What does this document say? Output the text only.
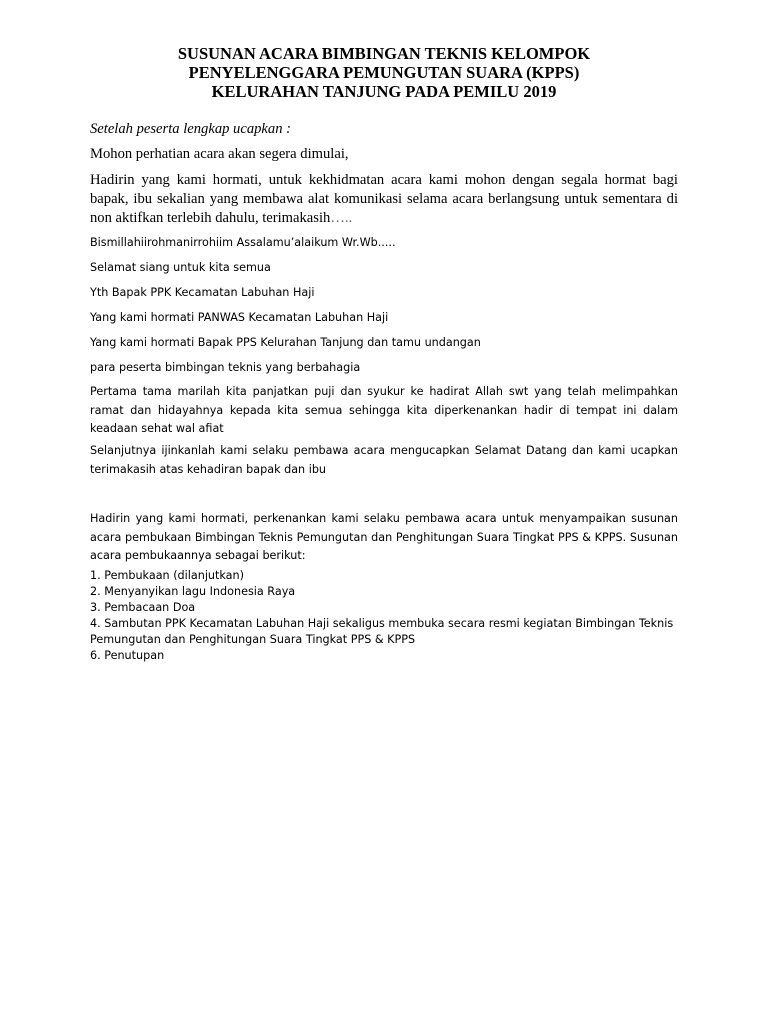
SUSUNAN ACARA BIMBINGAN TEKNIS KELOMPOK
PENYELENGGARA PEMUNGUTAN SUARA (KPPS)
KELURAHAN TANJUNG PADA PEMILU 2019
Setelah peserta lengkap ucapkan :
Mohon perhatian acara akan segera dimulai,
Hadirin yang kami hormati, untuk kekhidmatan acara kami mohon dengan segala hormat bagi bapak, ibu sekalian yang membawa alat komunikasi selama acara berlangsung untuk sementara di non aktifkan terlebih dahulu, terimakasih…..
Bismillahiirohmanirrohiim Assalamu’alaikum Wr.Wb.....
Selamat siang untuk kita semua
Yth Bapak PPK Kecamatan Labuhan Haji
Yang kami hormati PANWAS Kecamatan Labuhan Haji
Yang kami hormati Bapak PPS Kelurahan Tanjung dan tamu undangan
para peserta bimbingan teknis yang berbahagia
Pertama tama marilah kita panjatkan puji dan syukur ke hadirat Allah swt yang telah melimpahkan ramat dan hidayahnya kepada kita semua sehingga kita diperkenankan hadir di tempat ini dalam keadaan sehat wal afiat
Selanjutnya ijinkanlah kami selaku pembawa acara mengucapkan Selamat Datang dan kami ucapkan terimakasih atas kehadiran bapak dan ibu
Hadirin yang kami hormati, perkenankan kami selaku pembawa acara untuk menyampaikan susunan acara pembukaan Bimbingan Teknis Pemungutan dan Penghitungan Suara Tingkat PPS & KPPS. Susunan acara pembukaannya sebagai berikut:
1. Pembukaan (dilanjutkan)
2. Menyanyikan lagu Indonesia Raya
3. Pembacaan Doa
4. Sambutan PPK Kecamatan Labuhan Haji sekaligus membuka secara resmi kegiatan Bimbingan Teknis Pemungutan dan Penghitungan Suara Tingkat PPS & KPPS
6. Penutupan
